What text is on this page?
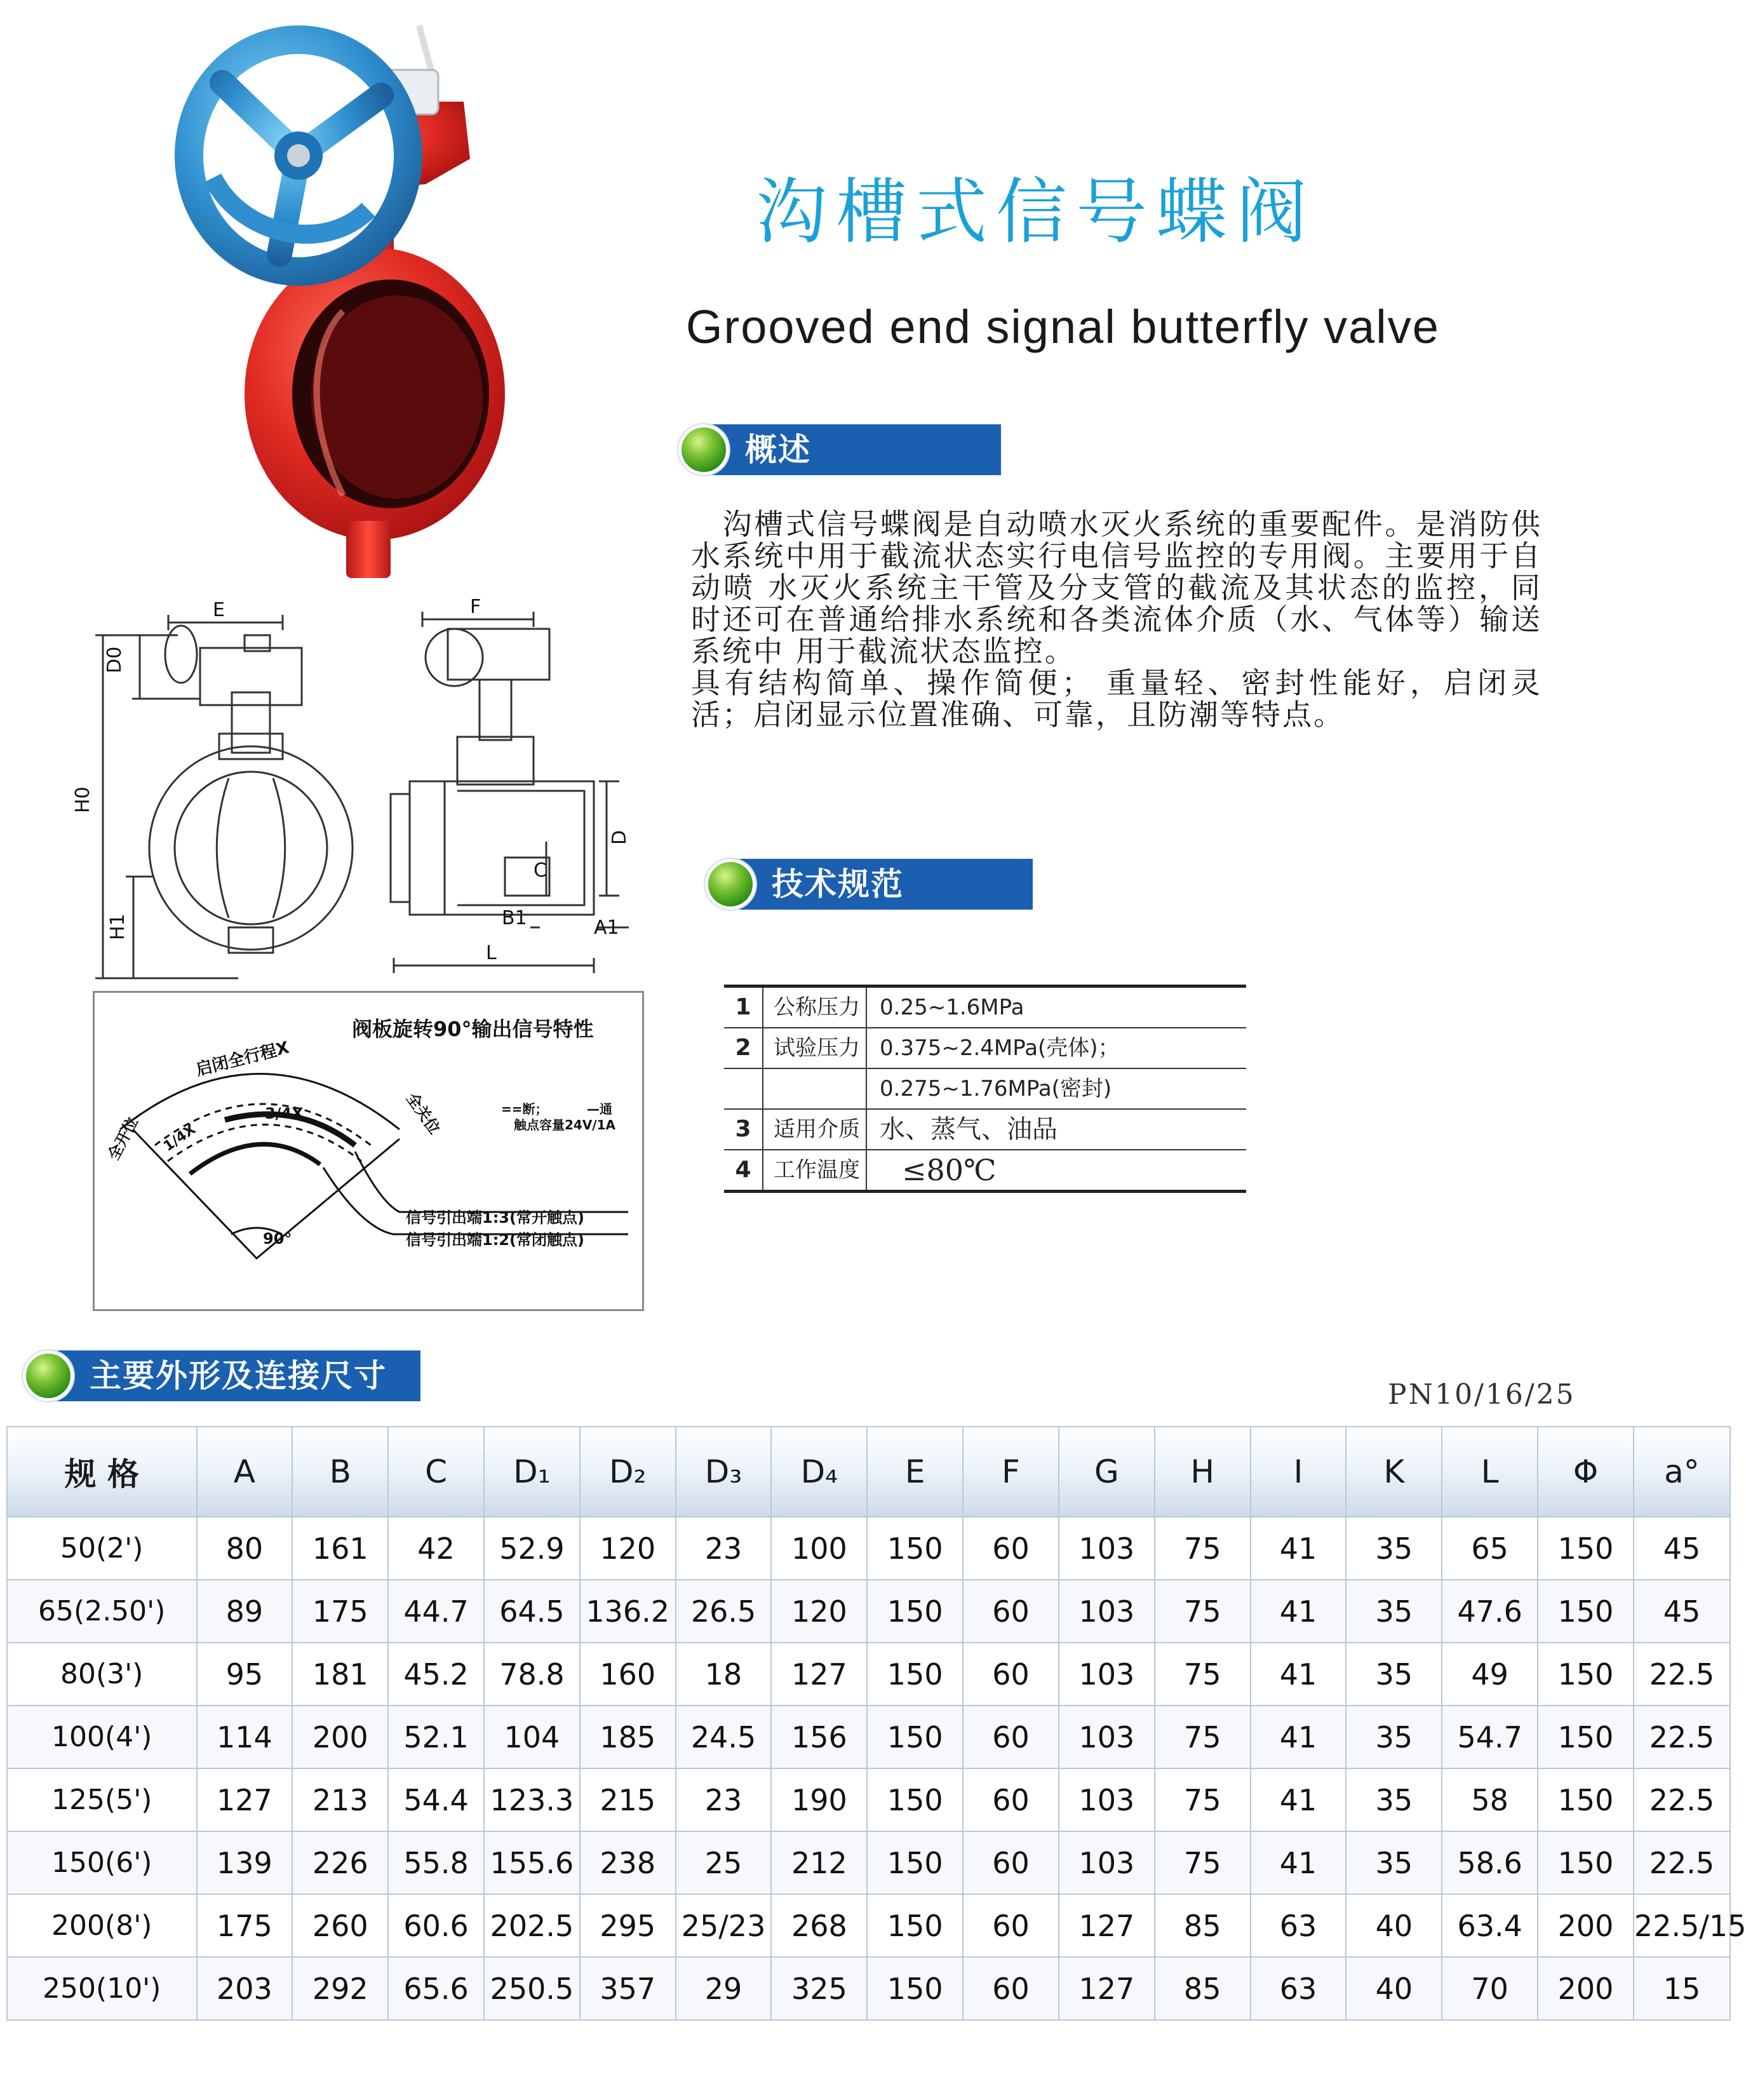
E	F
D0
H0
H1
D
C
B1	A1
L
阀板旋转90°输出信号特性
==断；	—通
触点容量24V/1A
信号引出端1:3(常开触点)
信号引出端1:2(常闭触点)
启闭全行程X
3/4X
1/4X
90°
全开位
全关位
沟槽式信号蝶阀
Grooved end signal butterfly valve
概述

　沟槽式信号蝶阀是自动喷水灭火系统的重要配件。是消防供水系统中用于截流状态实行电信号监控的专用阀。主要用于自动喷 水灭火系统主干管及分支管的截流及其状态的监控，同时还可在普通给排水系统和各类流体介质（水、气体等）输送系统中 用于截流状态监控。

具有结构简单、操作简便； 重量轻、密封性能好，启闭灵活；启闭显示位置准确、可靠，且防潮等特点。

技术规范
1	公称压力 0.25~1.6MPa
2	试验压力 0.375~2.4MPa(壳体)；
0.275~1.76MPa(密封)
3	适用介质 水、蒸气、油品
4	工作温度 ≤80℃
主要外形及连接尺寸
PN10/16/25
规 格	A	B	C	D₁	D₂	D₃	D₄	E	F	G	H	I	K	L	Φ	a°
50(2')	80	161	42	52.9	120	23	100	150	60	103	75	41	35	65	150	45
65(2.50')	89	175	44.7	64.5	136.2	26.5	120	150	60	103	75	41	35	47.6	150	45
80(3')	95	181	45.2	78.8	160	18	127	150	60	103	75	41	35	49	150	22.5
100(4')	114	200	52.1	104	185	24.5	156	150	60	103	75	41	35	54.7	150	22.5
125(5')	127	213	54.4	123.3	215	23	190	150	60	103	75	41	35	58	150	22.5
150(6')	139	226	55.8	155.6	238	25	212	150	60	103	75	41	35	58.6	150	22.5
200(8')	175	260	60.6	202.5	295	25/23	268	150	60	127	85	63	40	63.4	200	22.5/15
250(10')	203	292	65.6	250.5	357	29	325	150	60	127	85	63	40	70	200	15
